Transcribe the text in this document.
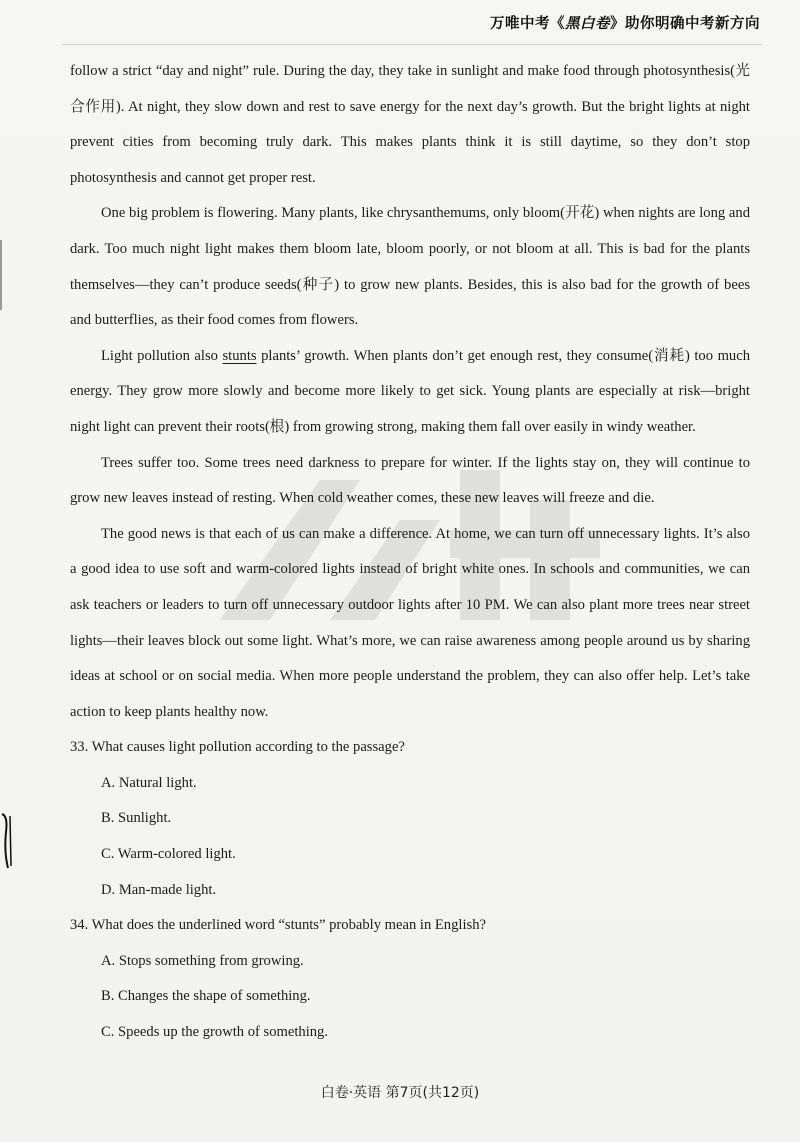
万唯中考《黑白卷》助你明确中考新方向

follow a strict “day and night” rule. During the day, they take in sunlight and make food through photosynthesis(光合作用). At night, they slow down and rest to save energy for the next day’s growth. But the bright lights at night prevent cities from becoming truly dark. This makes plants think it is still daytime, so they don’t stop photosynthesis and cannot get proper rest.

One big problem is flowering. Many plants, like chrysanthemums, only bloom(开花) when nights are long and dark. Too much night light makes them bloom late, bloom poorly, or not bloom at all. This is bad for the plants themselves—they can’t produce seeds(种子) to grow new plants. Besides, this is also bad for the growth of bees and butterflies, as their food comes from flowers.

Light pollution also stunts plants’ growth. When plants don’t get enough rest, they consume(消耗) too much energy. They grow more slowly and become more likely to get sick. Young plants are especially at risk—bright night light can prevent their roots(根) from growing strong, making them fall over easily in windy weather.

Trees suffer too. Some trees need darkness to prepare for winter. If the lights stay on, they will continue to grow new leaves instead of resting. When cold weather comes, these new leaves will freeze and die.

The good news is that each of us can make a difference. At home, we can turn off unnecessary lights. It’s also a good idea to use soft and warm-colored lights instead of bright white ones. In schools and communities, we can ask teachers or leaders to turn off unnecessary outdoor lights after 10 PM. We can also plant more trees near street lights—their leaves block out some light. What’s more, we can raise awareness among people around us by sharing ideas at school or on social media. When more people understand the problem, they can also offer help. Let’s take action to keep plants healthy now.

33. What causes light pollution according to the passage?

A. Natural light.

B. Sunlight.

C. Warm-colored light.

D. Man-made light.

34. What does the underlined word “stunts” probably mean in English?

A. Stops something from growing.

B. Changes the shape of something.

C. Speeds up the growth of something.

白卷·英语 第7页(共12页)
